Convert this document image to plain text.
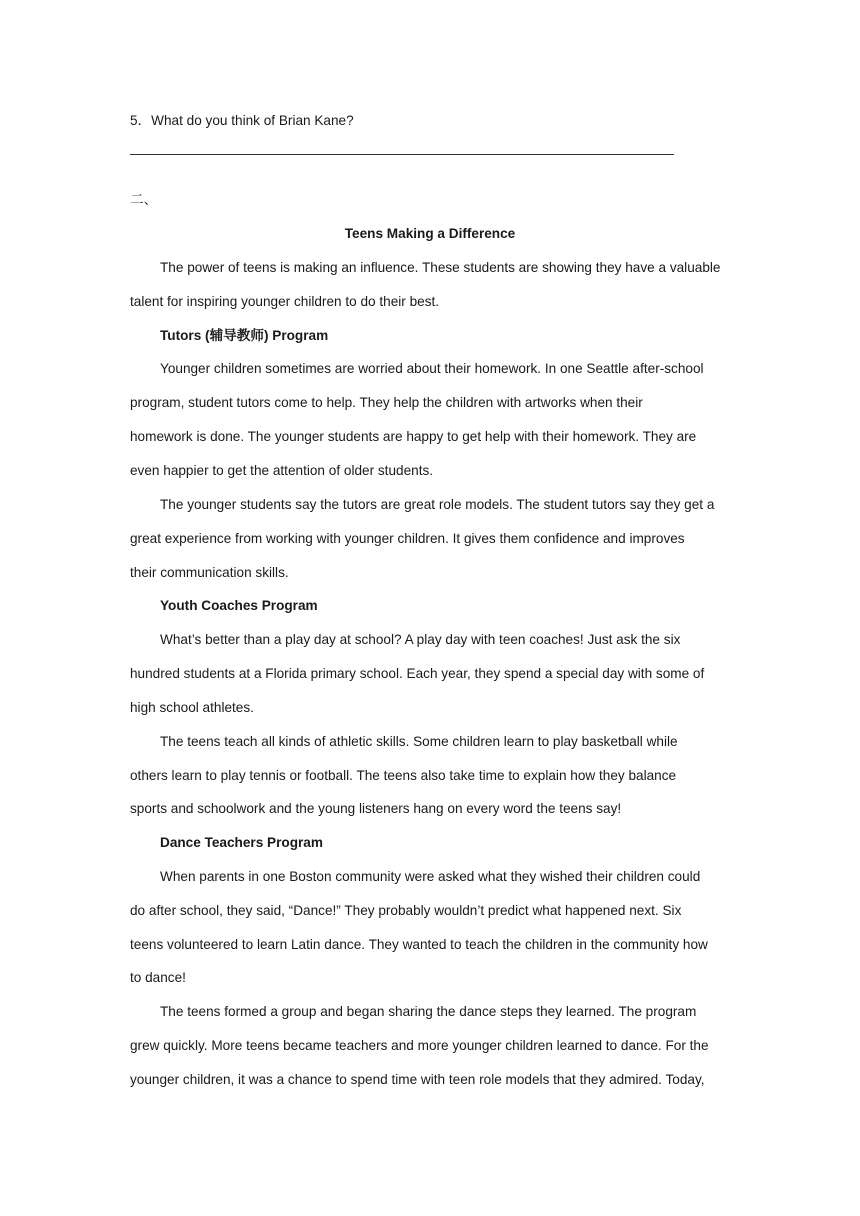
5．What do you think of Brian Kane?
二、
Teens Making a Difference
The power of teens is making an influence. These students are showing they have a valuable
talent for inspiring younger children to do their best.
Tutors (辅导教师) Program
Younger children sometimes are worried about their homework. In one Seattle after-school
program, student tutors come to help. They help the children with artworks when their
homework is done. The younger students are happy to get help with their homework. They are
even happier to get the attention of older students.
The younger students say the tutors are great role models. The student tutors say they get a
great experience from working with younger children. It gives them confidence and improves
their communication skills.
Youth Coaches Program
What’s better than a play day at school? A play day with teen coaches! Just ask the six
hundred students at a Florida primary school. Each year, they spend a special day with some of
high school athletes.
The teens teach all kinds of athletic skills. Some children learn to play basketball while
others learn to play tennis or football. The teens also take time to explain how they balance
sports and schoolwork and the young listeners hang on every word the teens say!
Dance Teachers Program
When parents in one Boston community were asked what they wished their children could
do after school, they said, “Dance!” They probably wouldn’t predict what happened next. Six
teens volunteered to learn Latin dance. They wanted to teach the children in the community how
to dance!
The teens formed a group and began sharing the dance steps they learned. The program
grew quickly. More teens became teachers and more younger children learned to dance. For the
younger children, it was a chance to spend time with teen role models that they admired. Today,
